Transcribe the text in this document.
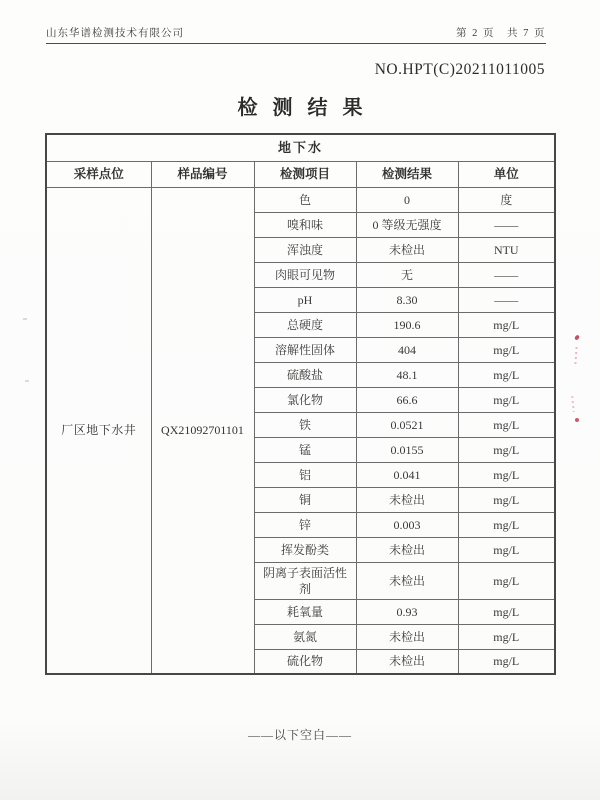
山东华谱检测技术有限公司	第 2 页　共 7 页
NO.HPT(C)20211011005
检测结果
地下水				
采样点位	样品编号	检测项目	检测结果	单位
厂区地下水井	QX21092701101	色	0	度
		嗅和味	0 等级无强度	——
		浑浊度	未检出	NTU
		肉眼可见物	无	——
		pH	8.30	——
		总硬度	190.6	mg/L
		溶解性固体	404	mg/L
		硫酸盐	48.1	mg/L
		氯化物	66.6	mg/L
		铁	0.0521	mg/L
		锰	0.0155	mg/L
		铝	0.041	mg/L
		铜	未检出	mg/L
		锌	0.003	mg/L
		挥发酚类	未检出	mg/L
		阴离子表面活性剂	未检出	mg/L
		耗氧量	0.93	mg/L
		氨氮	未检出	mg/L
		硫化物	未检出	mg/L
——以下空白——
